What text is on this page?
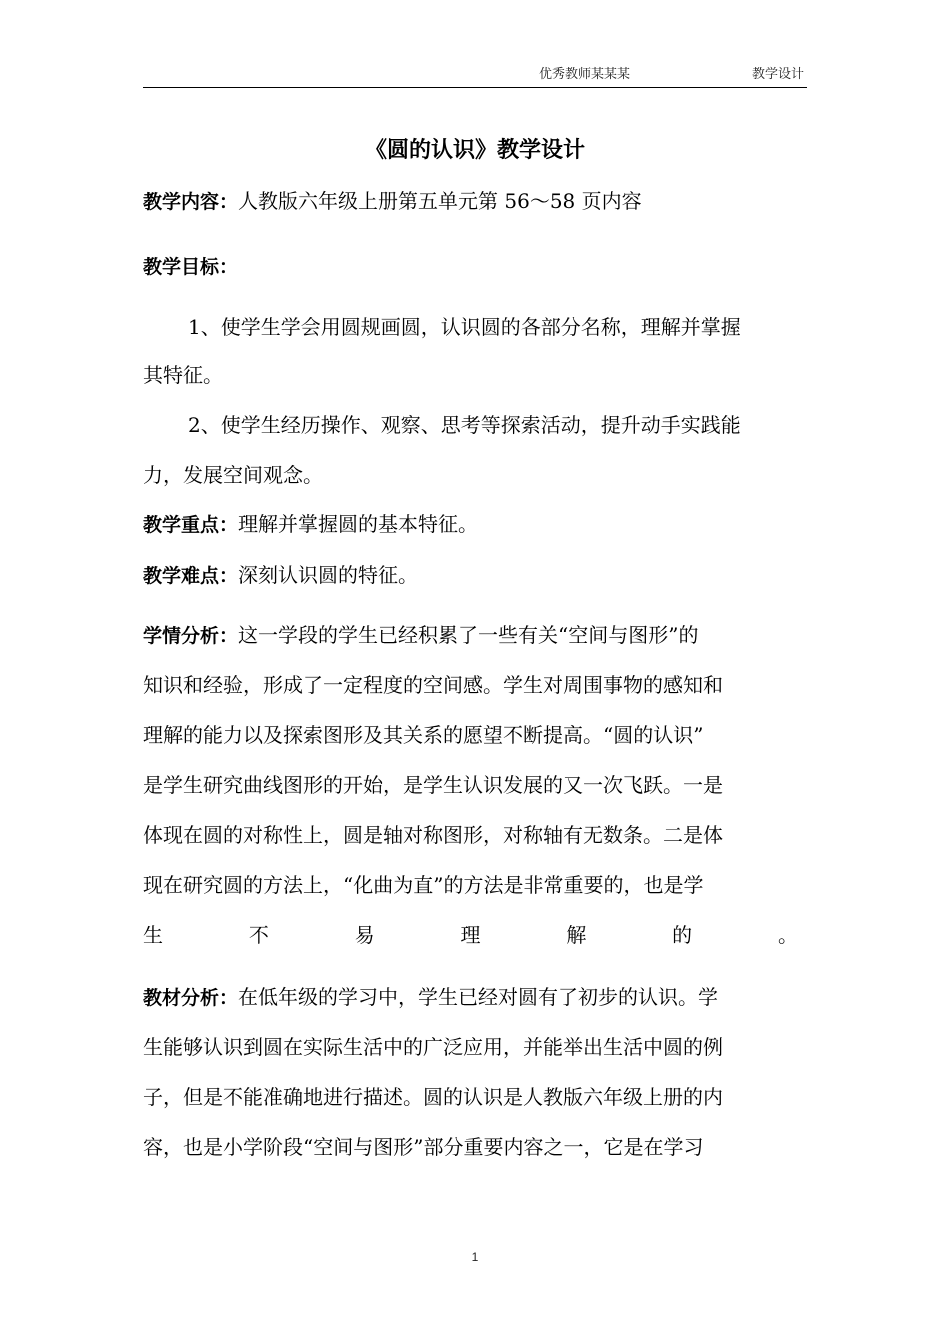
优秀教师某某某	教学设计
《圆的认识》教学设计
教学内容：人教版六年级上册第五单元第 56～58 页内容
教学目标：
1、使学生学会用圆规画圆，认识圆的各部分名称，理解并掌握
其特征。
2、使学生经历操作、观察、思考等探索活动，提升动手实践能
力，发展空间观念。
教学重点：理解并掌握圆的基本特征。
教学难点：深刻认识圆的特征。
学情分析：这一学段的学生已经积累了一些有关“空间与图形”的
知识和经验，形成了一定程度的空间感。学生对周围事物的感知和
理解的能力以及探索图形及其关系的愿望不断提高。“圆的认识”
是学生研究曲线图形的开始，是学生认识发展的又一次飞跃。一是
体现在圆的对称性上，圆是轴对称图形，对称轴有无数条。二是体
现在研究圆的方法上，“化曲为直”的方法是非常重要的，也是学
生	不	易	理	解	的	。
教材分析：在低年级的学习中，学生已经对圆有了初步的认识。学
生能够认识到圆在实际生活中的广泛应用，并能举出生活中圆的例
子，但是不能准确地进行描述。圆的认识是人教版六年级上册的内
容，也是小学阶段“空间与图形”部分重要内容之一，它是在学习
1
